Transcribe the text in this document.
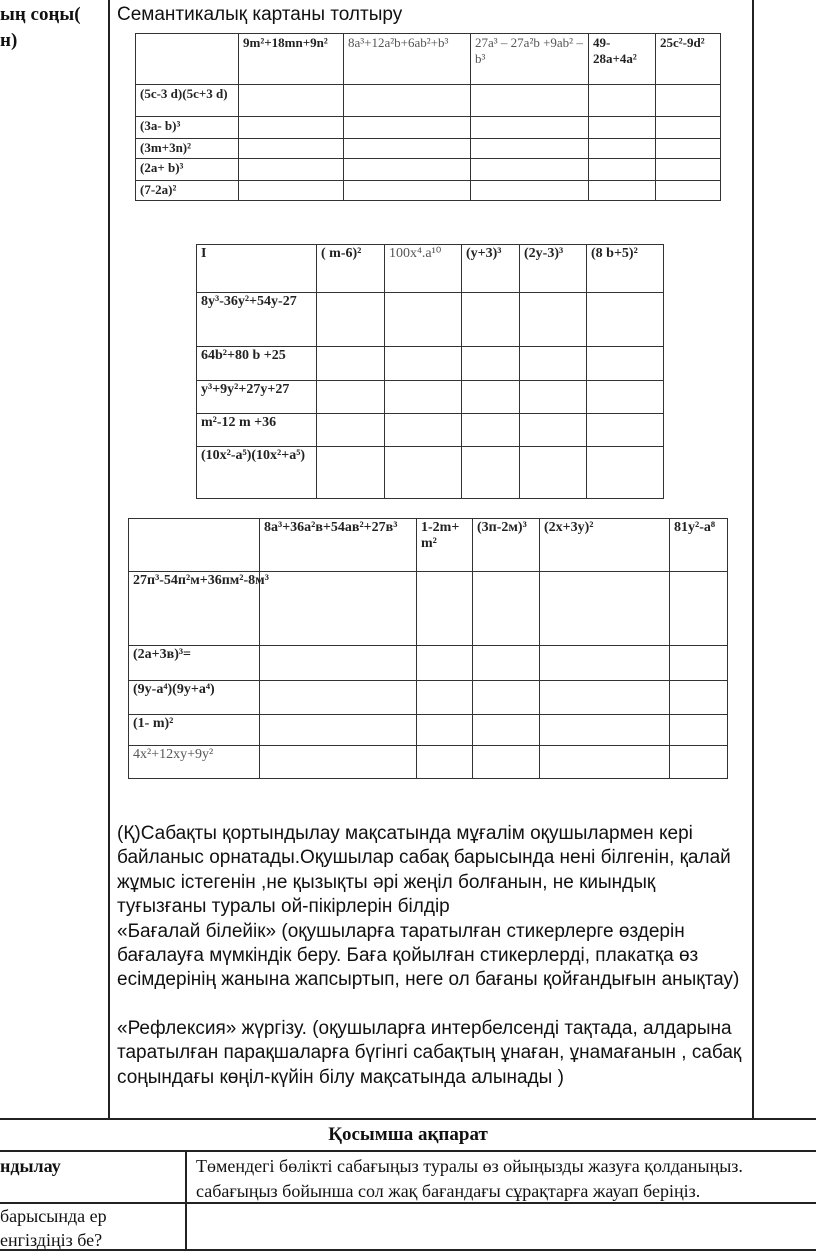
ың соңы(
н)
Семантикалық картаны толтыру
	9m²+18mn+9n²	8a³+12a²b+6ab²+b³	27a³ – 27a²b +9ab² – b³	49-28a+4a²	25c²-9d²
(5c-3 d)(5c+3 d)					
(3a- b)³					
(3m+3n)²					
(2a+ b)³					
(7-2a)²					
I	( m-6)²	100x⁴.a¹⁰	(y+3)³	(2y-3)³	(8 b+5)²
8y³-36y²+54y-27					
64b²+80 b +25					
y³+9y²+27y+27					
m²-12 m +36					
(10x²-a⁵)(10x²+a⁵)					
	8a³+36a²в+54ав²+27в³	1-2m+ m²	(3п-2м)³	(2x+3y)²	81y²-a⁸
27п³-54п²м+36пм²-8м³					
(2a+3в)³=					
(9y-a⁴)(9y+a⁴)					
(1- m)²					
4x²+12xy+9y²					

(Қ)Сабақты қортындылау мақсатында мұғалім оқушылармен кері байланыс орнатады.Оқушылар сабақ барысында нені білгенін, қалай жұмыс істегенін ,не қызықты әрі жеңіл болғанын, не киындық туғызғаны туралы ой-пікірлерін білдір

«Бағалай білейік» (оқушыларға таратылған стикерлерге өздерін бағалауға мүмкіндік беру. Баға қойылған стикерлерді, плакатқа өз есімдерінің жанына жапсыртып, неге ол бағаны қойғандығын анықтау)

«Рефлексия» жүргізу. (оқушыларға интербелсенді тақтада, алдарына таратылған парақшаларға бүгінгі сабақтың ұнаған, ұнамағанын , сабақ соңындағы көңіл-күйін білу мақсатында алынады )

Қосымша ақпарат
ндылау	Төмендегі бөлікті сабағыңыз туралы өз ойыңызды жазуға қолданыңыз. сабағыңыз бойынша сол жақ бағандағы сұрақтарға жауап беріңіз.
барысында ер енгіздіңіз бе?
